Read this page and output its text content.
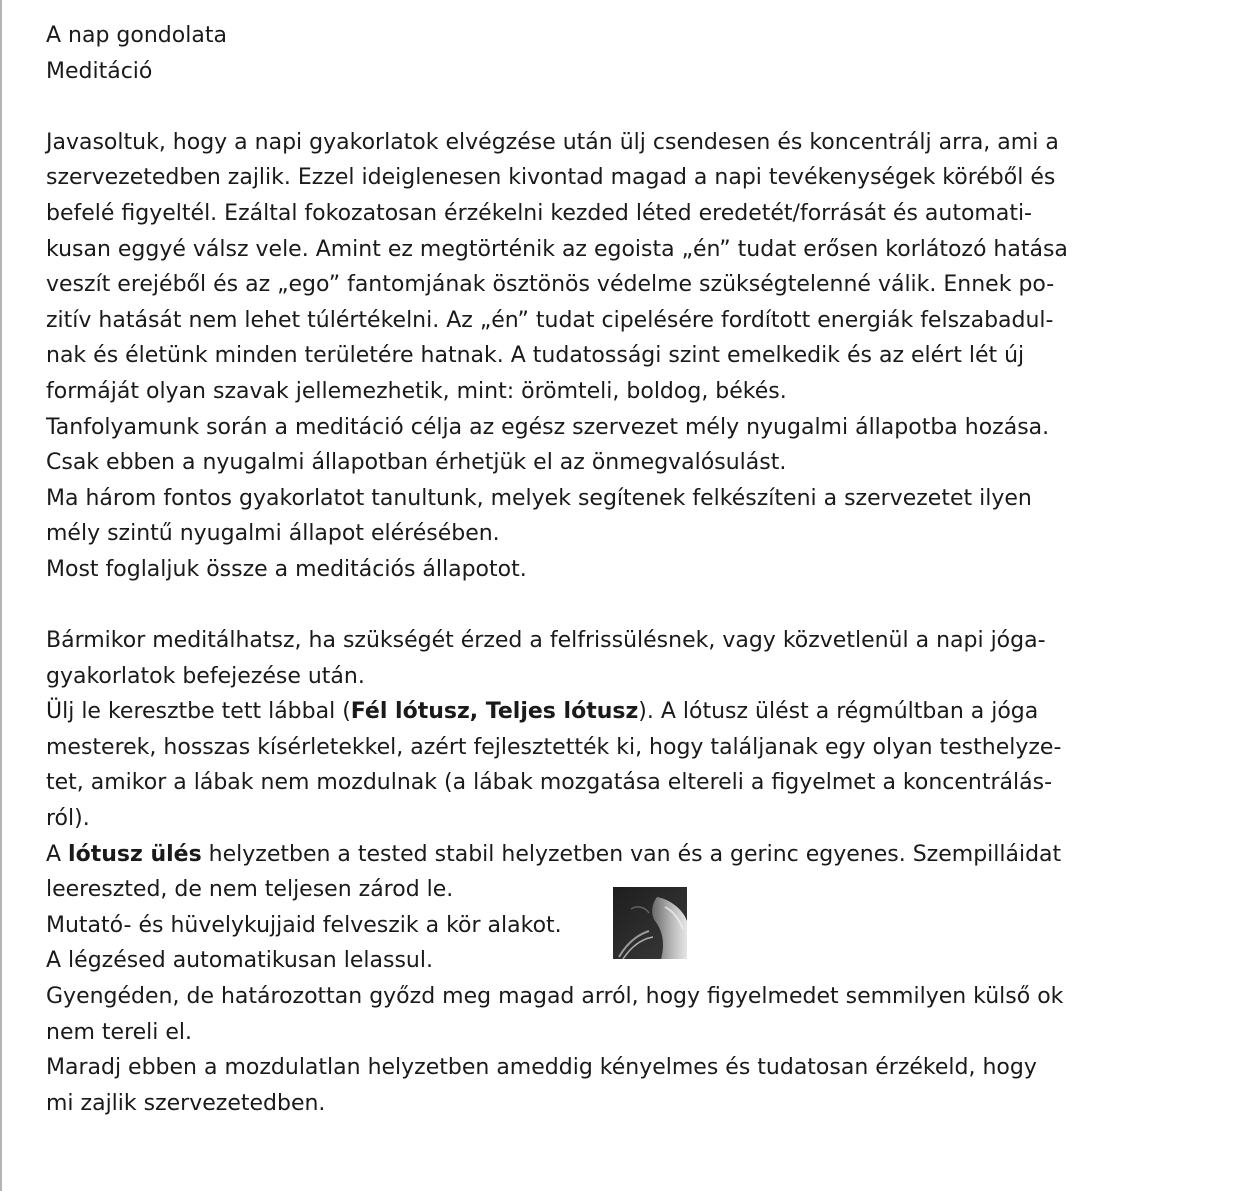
A nap gondolata
Meditáció
Javasoltuk, hogy a napi gyakorlatok elvégzése után ülj csendesen és koncentrálj arra, ami a
szervezetedben zajlik. Ezzel ideiglenesen kivontad magad a napi tevékenységek köréből és
befelé figyeltél. Ezáltal fokozatosan érzékelni kezded léted eredetét/forrását és automati-
kusan eggyé válsz vele. Amint ez megtörténik az egoista „én” tudat erősen korlátozó hatása
veszít erejéből és az „ego” fantomjának ösztönös védelme szükségtelenné válik. Ennek po-
zitív hatását nem lehet túlértékelni. Az „én” tudat cipelésére fordított energiák felszabadul-
nak és életünk minden területére hatnak. A tudatossági szint emelkedik és az elért lét új
formáját olyan szavak jellemezhetik, mint: örömteli, boldog, békés.
Tanfolyamunk során a meditáció célja az egész szervezet mély nyugalmi állapotba hozása.
Csak ebben a nyugalmi állapotban érhetjük el az önmegvalósulást.
Ma három fontos gyakorlatot tanultunk, melyek segítenek felkészíteni a szervezetet ilyen
mély szintű nyugalmi állapot elérésében.
Most foglaljuk össze a meditációs állapotot.
Bármikor meditálhatsz, ha szükségét érzed a felfrissülésnek, vagy közvetlenül a napi jóga-
gyakorlatok befejezése után.
Ülj le keresztbe tett lábbal (Fél lótusz, Teljes lótusz). A lótusz ülést a régmúltban a jóga
mesterek, hosszas kísérletekkel, azért fejlesztették ki, hogy találjanak egy olyan testhelyze-
tet, amikor a lábak nem mozdulnak (a lábak mozgatása eltereli a figyelmet a koncentrálás-
ról).
A lótusz ülés helyzetben a tested stabil helyzetben van és a gerinc egyenes. Szempilláidat
leereszted, de nem teljesen zárod le.
Mutató- és hüvelykujjaid felveszik a kör alakot.
A légzésed automatikusan lelassul.
Gyengéden, de határozottan győzd meg magad arról, hogy figyelmedet semmilyen külső ok
nem tereli el.
Maradj ebben a mozdulatlan helyzetben ameddig kényelmes és tudatosan érzékeld, hogy
mi zajlik szervezetedben.
